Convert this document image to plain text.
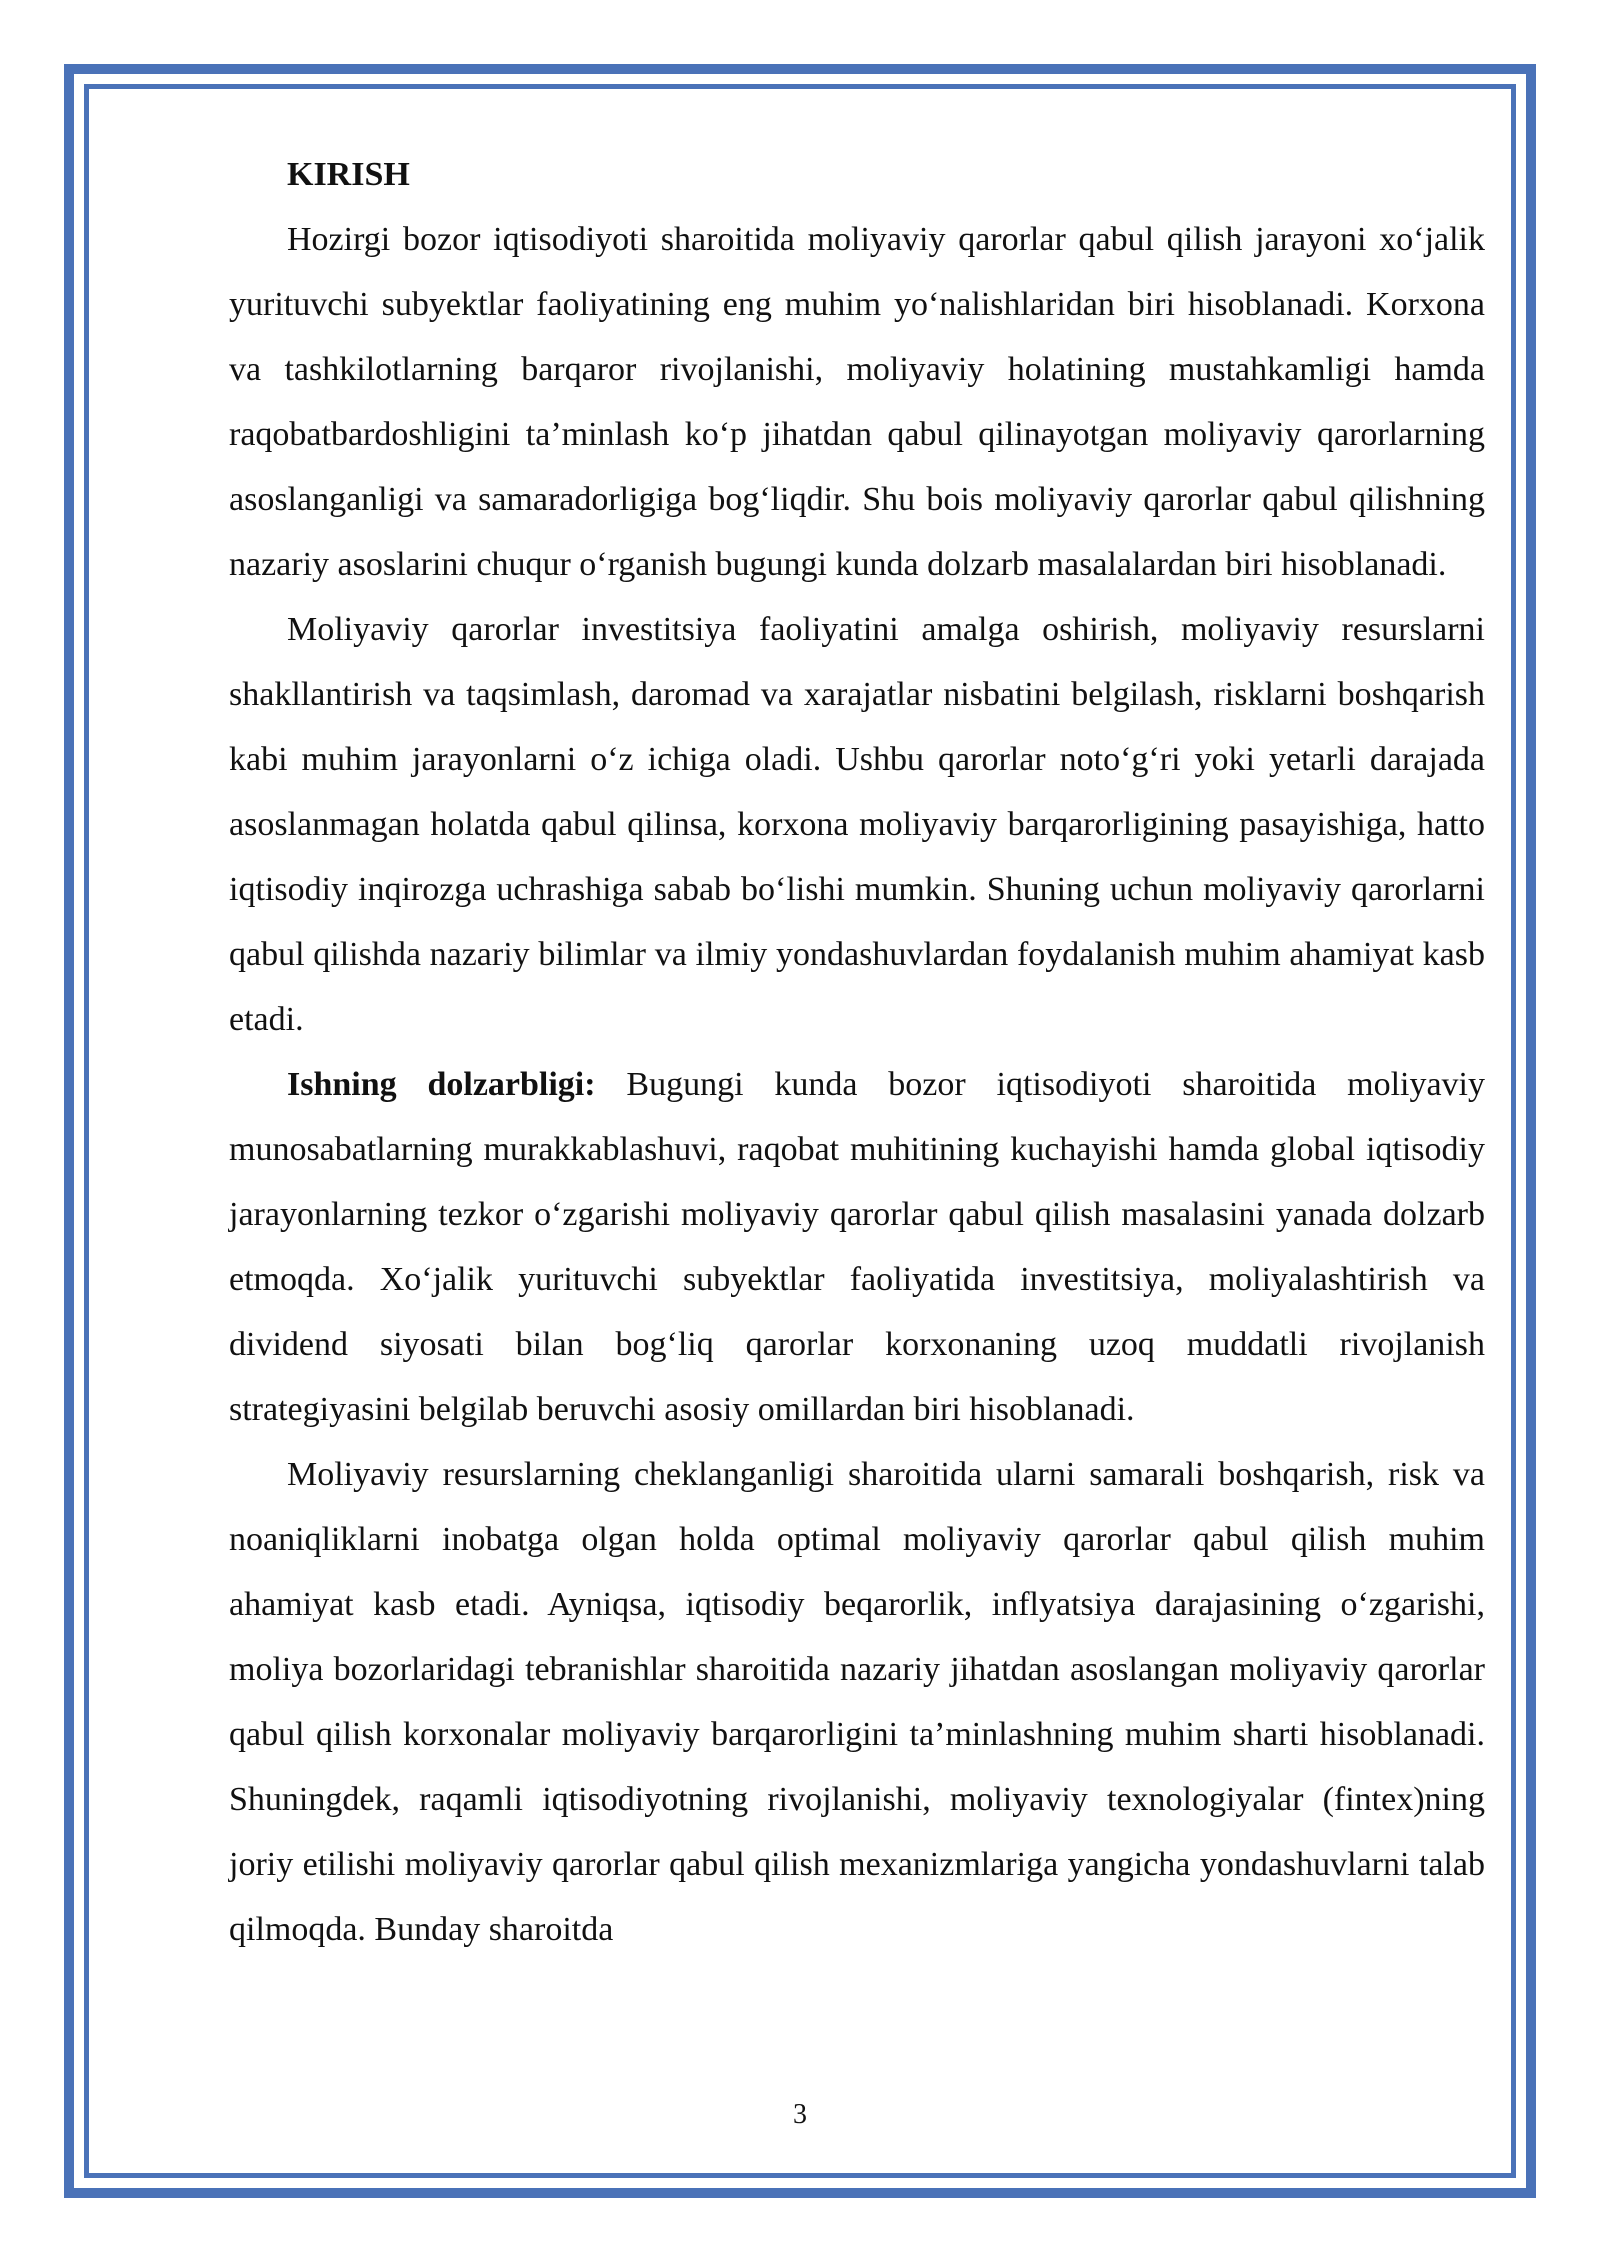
KIRISH

Hozirgi bozor iqtisodiyoti sharoitida moliyaviy qarorlar qabul qilish jarayoni xo‘jalik yurituvchi subyektlar faoliyatining eng muhim yo‘nalishlaridan biri hisoblanadi. Korxona va tashkilotlarning barqaror rivojlanishi, moliyaviy holatining mustahkamligi hamda raqobatbardoshligini ta’minlash ko‘p jihatdan qabul qilinayotgan moliyaviy qarorlarning asoslanganligi va samaradorligiga bog‘liqdir. Shu bois moliyaviy qarorlar qabul qilishning nazariy asoslarini chuqur o‘rganish bugungi kunda dolzarb masalalardan biri hisoblanadi.

Moliyaviy qarorlar investitsiya faoliyatini amalga oshirish, moliyaviy resurslarni shakllantirish va taqsimlash, daromad va xarajatlar nisbatini belgilash, risklarni boshqarish kabi muhim jarayonlarni o‘z ichiga oladi. Ushbu qarorlar noto‘g‘ri yoki yetarli darajada asoslanmagan holatda qabul qilinsa, korxona moliyaviy barqarorligining pasayishiga, hatto iqtisodiy inqirozga uchrashiga sabab bo‘lishi mumkin. Shuning uchun moliyaviy qarorlarni qabul qilishda nazariy bilimlar va ilmiy yondashuvlardan foydalanish muhim ahamiyat kasb etadi.

Ishning dolzarbligi: Bugungi kunda bozor iqtisodiyoti sharoitida moliyaviy munosabatlarning murakkablashuvi, raqobat muhitining kuchayishi hamda global iqtisodiy jarayonlarning tezkor o‘zgarishi moliyaviy qarorlar qabul qilish masalasini yanada dolzarb etmoqda. Xo‘jalik yurituvchi subyektlar faoliyatida investitsiya, moliyalashtirish va dividend siyosati bilan bog‘liq qarorlar korxonaning uzoq muddatli rivojlanish strategiyasini belgilab beruvchi asosiy omillardan biri hisoblanadi.

Moliyaviy resurslarning cheklanganligi sharoitida ularni samarali boshqarish, risk va noaniqliklarni inobatga olgan holda optimal moliyaviy qarorlar qabul qilish muhim ahamiyat kasb etadi. Ayniqsa, iqtisodiy beqarorlik, inflyatsiya darajasining o‘zgarishi, moliya bozorlaridagi tebranishlar sharoitida nazariy jihatdan asoslangan moliyaviy qarorlar qabul qilish korxonalar moliyaviy barqarorligini ta’minlashning muhim sharti hisoblanadi. Shuningdek, raqamli iqtisodiyotning rivojlanishi, moliyaviy texnologiyalar (fintex)ning joriy etilishi moliyaviy qarorlar qabul qilish mexanizmlariga yangicha yondashuvlarni talab qilmoqda. Bunday sharoitda

3
